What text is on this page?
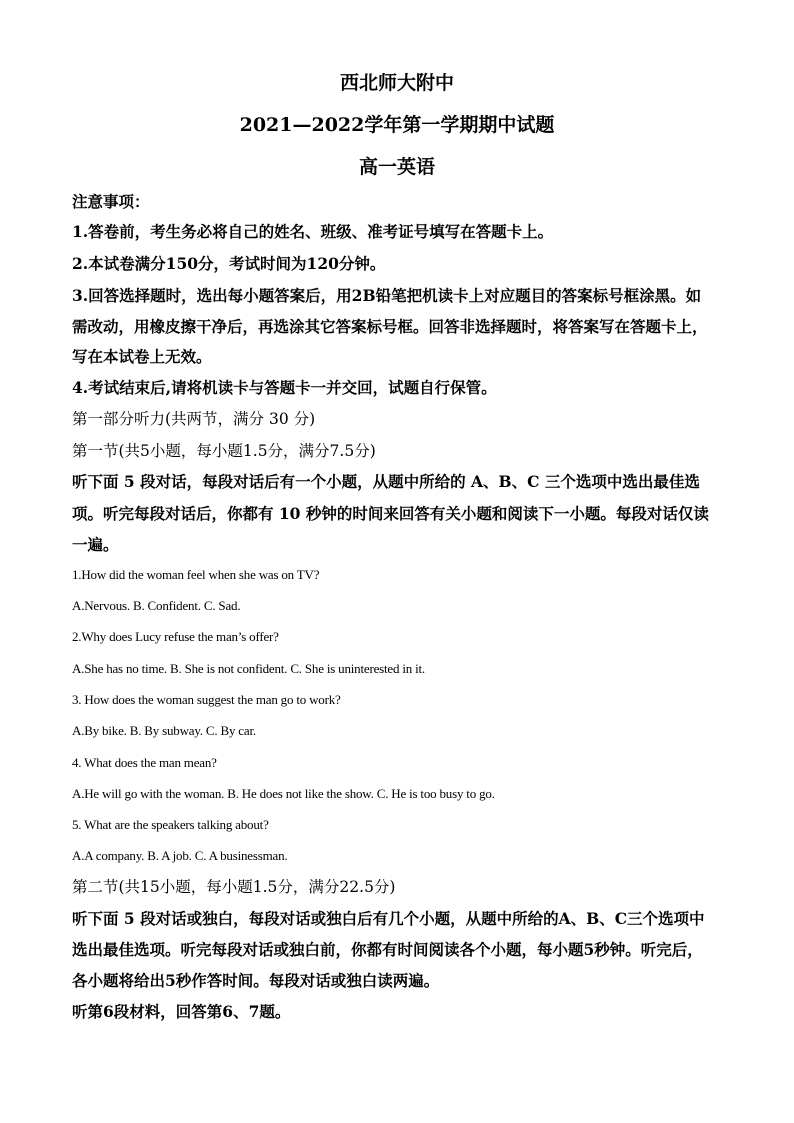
西北师大附中
2021—2022学年第一学期期中试题
高一英语
注意事项：
1.答卷前，考生务必将自己的姓名、班级、准考证号填写在答题卡上。
2.本试卷满分150分，考试时间为120分钟。
3.回答选择题时，选出每小题答案后，用2B铅笔把机读卡上对应题目的答案标号框涂黑。如
需改动，用橡皮擦干净后，再选涂其它答案标号框。回答非选择题时，将答案写在答题卡上，
写在本试卷上无效。
4.考试结束后,请将机读卡与答题卡一并交回，试题自行保管。
第一部分听力(共两节，满分 30 分)
第一节(共5小题，每小题1.5分，满分7.5分)
听下面 5 段对话，每段对话后有一个小题，从题中所给的 A、B、C 三个选项中选出最佳选
项。听完每段对话后，你都有 10 秒钟的时间来回答有关小题和阅读下一小题。每段对话仅读
一遍。
1.How did the woman feel when she was on TV?
A.Nervous. B. Confident. C. Sad.
2.Why does Lucy refuse the man’s offer?
A.She has no time. B. She is not confident. C. She is uninterested in it.
3. How does the woman suggest the man go to work?
A.By bike. B. By subway. C. By car.
4. What does the man mean?
A.He will go with the woman. B. He does not like the show. C. He is too busy to go.
5. What are the speakers talking about?
A.A company. B. A job. C. A businessman.
第二节(共15小题，每小题1.5分，满分22.5分)
听下面 5 段对话或独白，每段对话或独白后有几个小题，从题中所给的A、B、C三个选项中
选出最佳选项。听完每段对话或独白前，你都有时间阅读各个小题，每小题5秒钟。听完后，
各小题将给出5秒作答时间。每段对话或独白读两遍。
听第6段材料，回答第6、7题。
